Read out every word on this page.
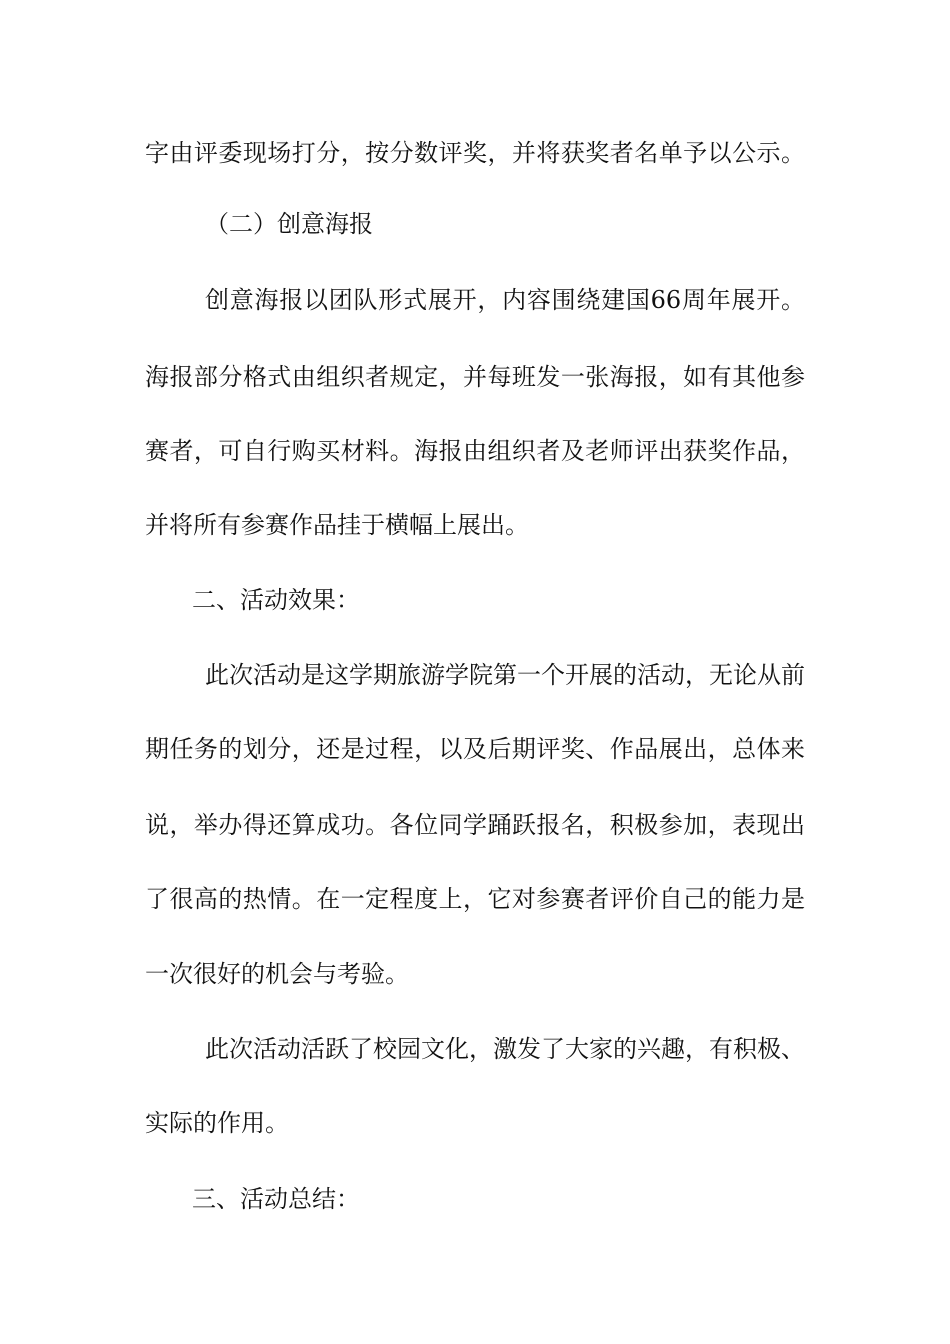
字由评委现场打分，按分数评奖，并将获奖者名单予以公示。
（二）创意海报
创意海报以团队形式展开，内容围绕建国66周年展开。
海报部分格式由组织者规定，并每班发一张海报，如有其他参
赛者，可自行购买材料。海报由组织者及老师评出获奖作品，
并将所有参赛作品挂于横幅上展出。
二、活动效果：
此次活动是这学期旅游学院第一个开展的活动，无论从前
期任务的划分，还是过程，以及后期评奖、作品展出，总体来
说，举办得还算成功。各位同学踊跃报名，积极参加，表现出
了很高的热情。在一定程度上，它对参赛者评价自己的能力是
一次很好的机会与考验。
此次活动活跃了校园文化，激发了大家的兴趣，有积极、
实际的作用。
三、活动总结：
